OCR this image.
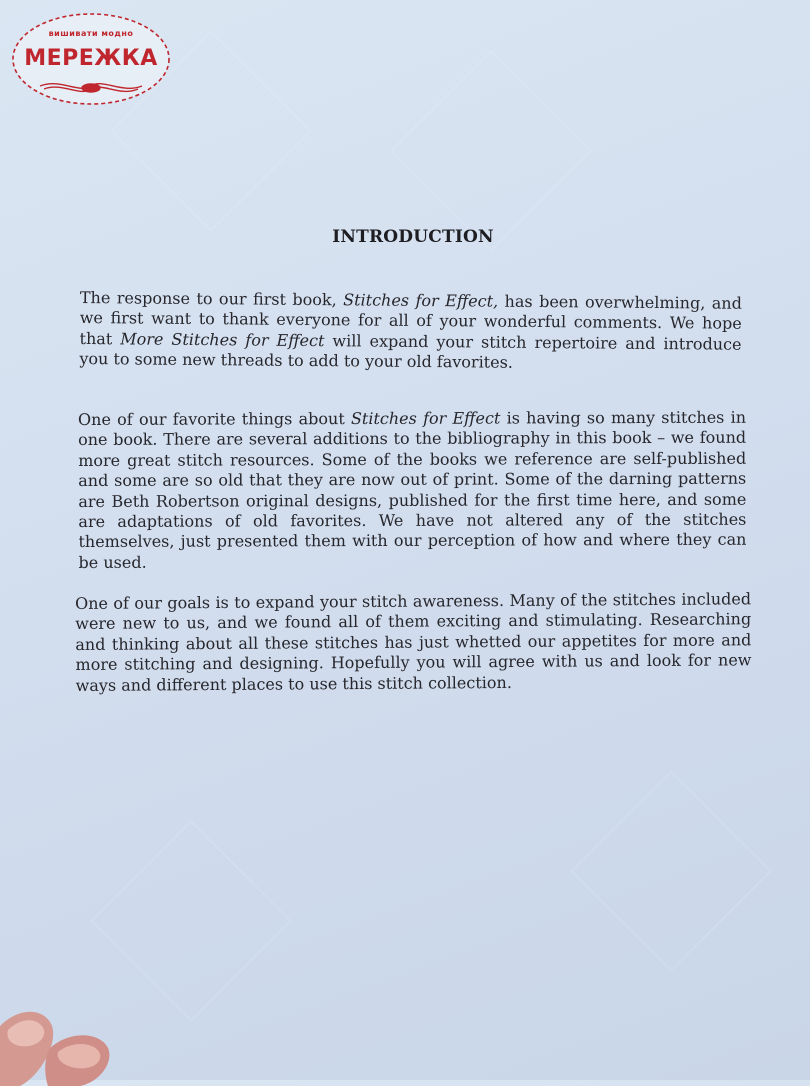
вишивати модно
МЕРЕЖКА
INTRODUCTION

The response to our first book, Stitches for Effect, has been overwhelming, and we first want to thank everyone for all of your wonderful comments. We hope that More Stitches for Effect will expand your stitch repertoire and introduce you to some new threads to add to your old favorites.

One of our favorite things about Stitches for Effect is having so many stitches in one book. There are several additions to the bibliography in this book – we found more great stitch resources. Some of the books we reference are self-published and some are so old that they are now out of print. Some of the darning patterns are Beth Robertson original designs, published for the first time here, and some are adaptations of old favorites. We have not altered any of the stitches themselves, just presented them with our perception of how and where they can be used.

One of our goals is to expand your stitch awareness. Many of the stitches included were new to us, and we found all of them exciting and stimulating. Researching and thinking about all these stitches has just whetted our appetites for more and more stitching and designing. Hopefully you will agree with us and look for new ways and different places to use this stitch collection.
